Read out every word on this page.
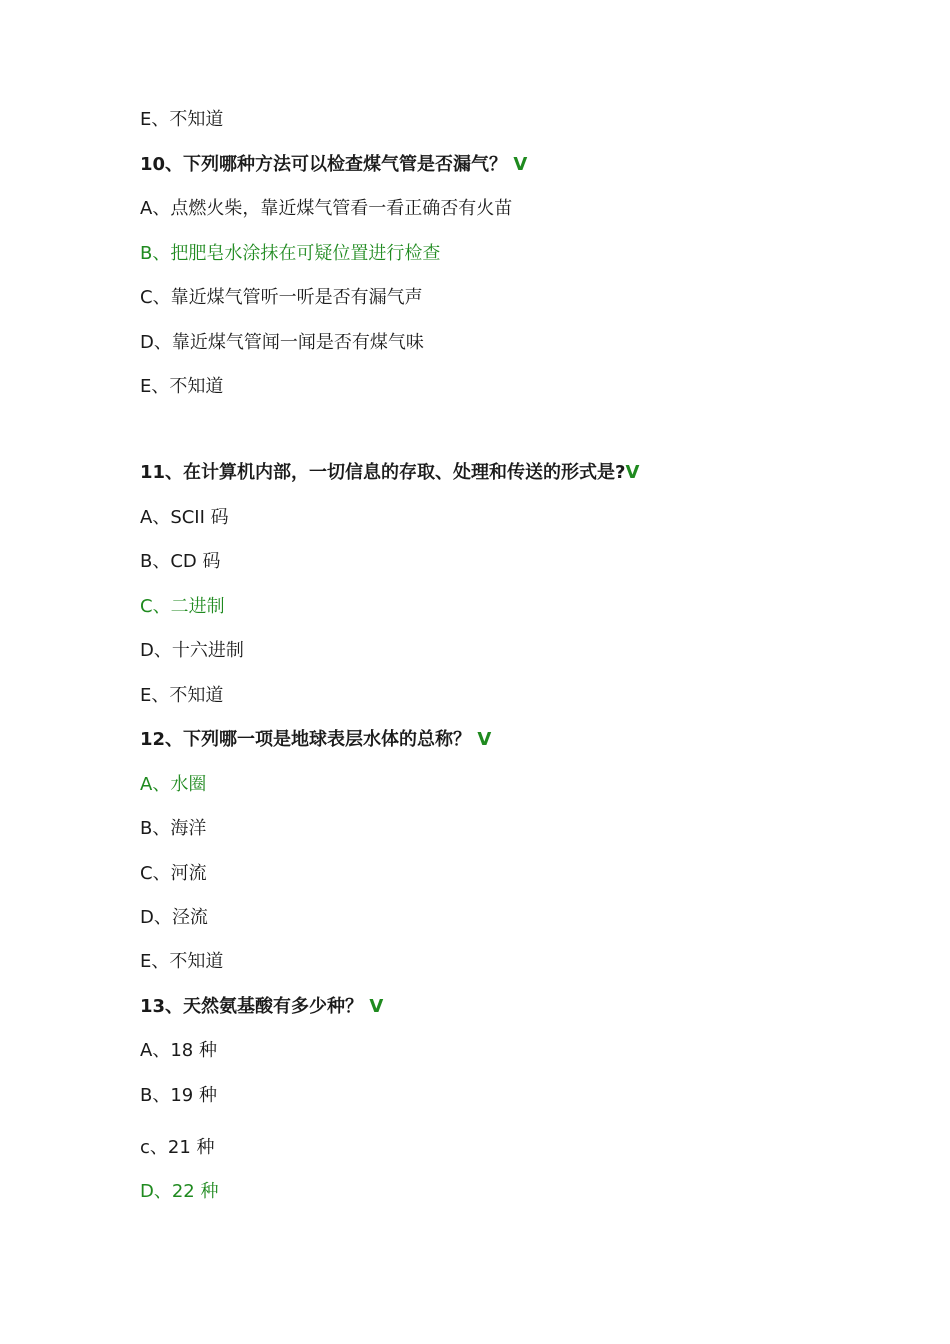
E、不知道
10、下列哪种方法可以检查煤气管是否漏气？ V
A、点燃火柴，靠近煤气管看一看正确否有火苗
B、把肥皂水涂抹在可疑位置进行检查
C、靠近煤气管听一听是否有漏气声
D、靠近煤气管闻一闻是否有煤气味
E、不知道
11、在计算机内部，一切信息的存取、处理和传送的形式是?V
A、SCII 码
B、CD 码
C、二进制
D、十六进制
E、不知道
12、下列哪一项是地球表层水体的总称？ V
A、水圈
B、海洋
C、河流
D、泾流
E、不知道
13、天然氨基酸有多少种？ V
A、18 种
B、19 种
c、21 种
D、22 种
